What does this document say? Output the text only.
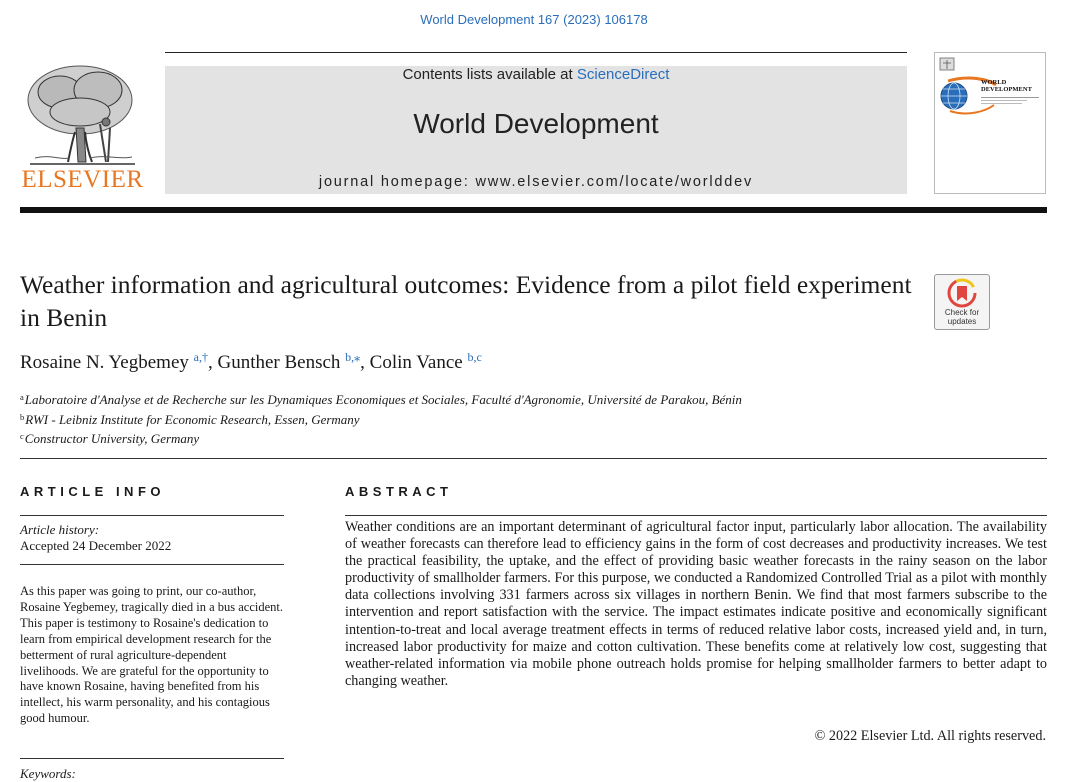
World Development 167 (2023) 106178
ELSEVIER
Contents lists available at ScienceDirect
World Development
journal homepage: www.elsevier.com/locate/worlddev
WORLD
DEVELOPMENT
Weather information and agricultural outcomes: Evidence from a pilot field experiment in Benin	Check for
updates
Rosaine N. Yegbemey $^{a,\dagger}$, Gunther Bensch $^{b,⁎}$, Colin Vance $^{b,c}$
$^a$Laboratoire d'Analyse et de Recherche sur les Dynamiques Economiques et Sociales, Faculté d'Agronomie, Université de Parakou, Bénin
$^b$RWI - Leibniz Institute for Economic Research, Essen, Germany
$^c$Constructor University, Germany
ARTICLE INFO	ABSTRACT
Article history:
Accepted 24 December 2022
As this paper was going to print, our co-author, Rosaine Yegbemey, tragically died in a bus accident. This paper is testimony to Rosaine's dedication to learn from empirical development research for the betterment of rural agriculture-dependent livelihoods. We are grateful for the opportunity to have known Rosaine, having benefited from his intellect, his warm personality, and his contagious good humour.
Keywords:
Weather conditions are an important determinant of agricultural factor input, particularly labor allocation. The availability of weather forecasts can therefore lead to efficiency gains in the form of cost decreases and productivity increases. We test the practical feasibility, the uptake, and the effect of providing basic weather forecasts in the rainy season on the labor productivity of smallholder farmers. For this purpose, we conducted a Randomized Controlled Trial as a pilot with monthly data collections involving 331 farmers across six villages in northern Benin. We find that most farmers subscribe to the intervention and report satisfaction with the service. The impact estimates indicate positive and economically significant intention-to-treat and local average treatment effects in terms of reduced relative labor costs, increased yield and, in turn, increased labor productivity for maize and cotton cultivation. These benefits come at relatively low cost, suggesting that weather-related information via mobile phone outreach holds promise for helping smallholder farmers to better adapt to changing weather.
© 2022 Elsevier Ltd. All rights reserved.
